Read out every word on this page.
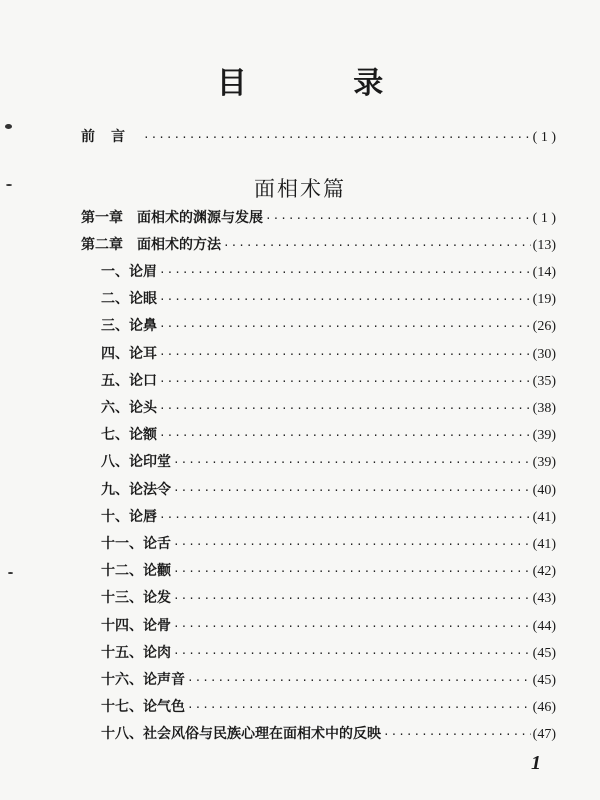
目 录
前言 ·····	( 1 )
面相术篇
第一章　面相术的渊源与发展 ·····	( 1 )
第二章　面相术的方法 ·····	(13)
一、论眉 ·····	(14)
二、论眼 ·····	(19)
三、论鼻 ·····	(26)
四、论耳 ·····	(30)
五、论口 ·····	(35)
六、论头 ·····	(38)
七、论额 ·····	(39)
八、论印堂 ·····	(39)
九、论法令 ·····	(40)
十、论唇 ·····	(41)
十一、论舌 ·····	(41)
十二、论颧 ·····	(42)
十三、论发 ·····	(43)
十四、论骨 ·····	(44)
十五、论肉 ·····	(45)
十六、论声音 ·····	(45)
十七、论气色 ·····	(46)
十八、社会风俗与民族心理在面相术中的反映 ·····	(47)
1
